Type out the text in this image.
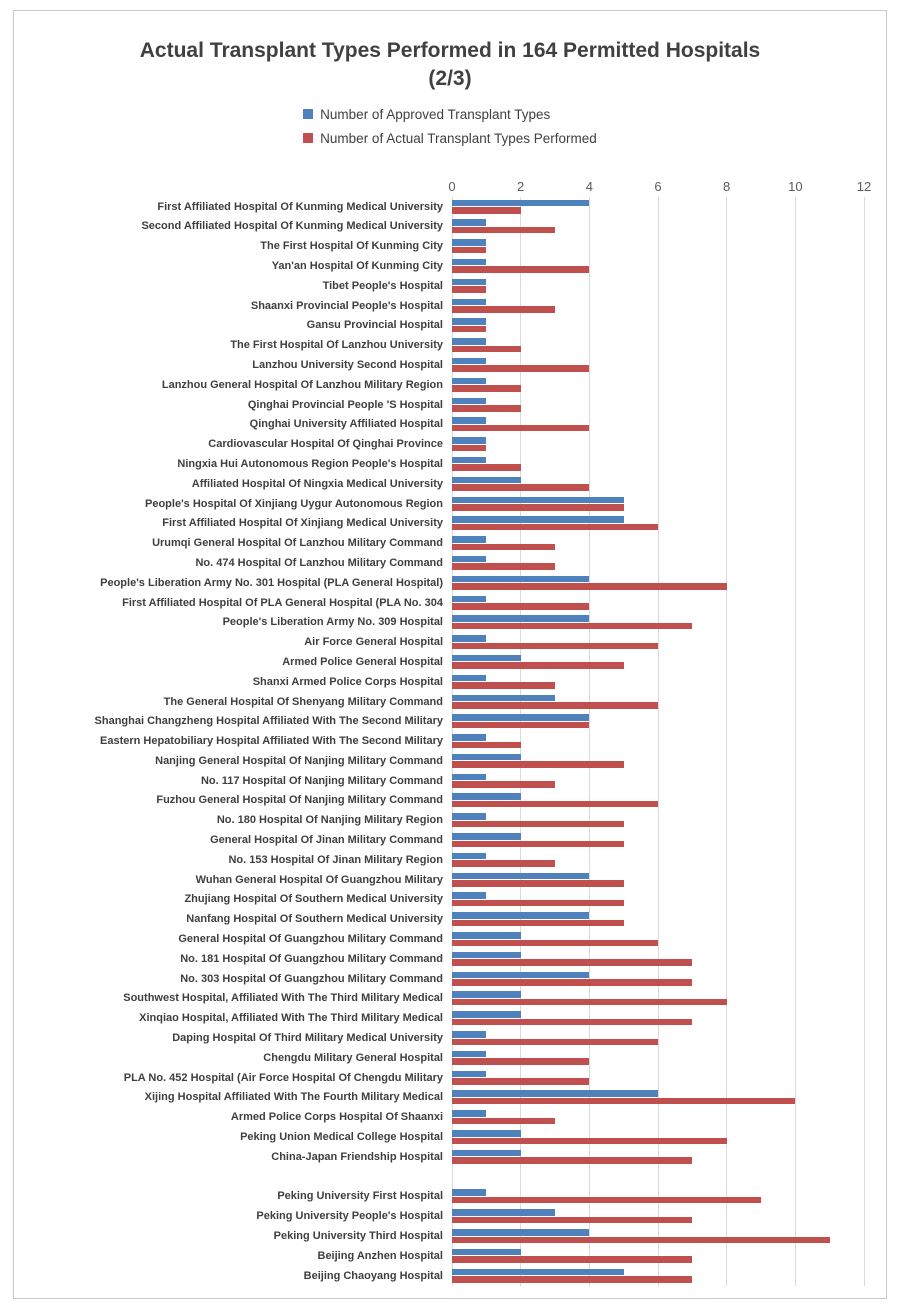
Actual Transplant Types Performed in 164 Permitted Hospitals
(2/3)
Number of Approved Transplant Types
Number of Actual Transplant Types Performed
0	2	4	6	8	10	12
First Affiliated Hospital Of Kunming Medical University
Second Affiliated Hospital Of Kunming Medical University
The First Hospital Of Kunming City
Yan'an Hospital Of Kunming City
Tibet People's Hospital
Shaanxi Provincial People's Hospital
Gansu Provincial Hospital
The First Hospital Of Lanzhou University
Lanzhou University Second Hospital
Lanzhou General Hospital Of Lanzhou Military Region
Qinghai Provincial People 'S Hospital
Qinghai University Affiliated Hospital
Cardiovascular Hospital Of Qinghai Province
Ningxia Hui Autonomous Region People's Hospital
Affiliated Hospital Of Ningxia Medical University
People's Hospital Of Xinjiang Uygur Autonomous Region
First Affiliated Hospital Of Xinjiang Medical University
Urumqi General Hospital Of Lanzhou Military Command
No. 474 Hospital Of Lanzhou Military Command
People's Liberation Army No. 301 Hospital (PLA General Hospital)
First Affiliated Hospital Of PLA General Hospital (PLA No. 304
People's Liberation Army No. 309 Hospital
Air Force General Hospital
Armed Police General Hospital
Shanxi Armed Police Corps Hospital
The General Hospital Of Shenyang Military Command
Shanghai Changzheng Hospital Affiliated With The Second Military
Eastern Hepatobiliary Hospital Affiliated With The Second Military
Nanjing General Hospital Of Nanjing Military Command
No. 117 Hospital Of Nanjing Military Command
Fuzhou General Hospital Of Nanjing Military Command
No. 180 Hospital Of Nanjing Military Region
General Hospital Of Jinan Military Command
No. 153 Hospital Of Jinan Military Region
Wuhan General Hospital Of Guangzhou Military
Zhujiang Hospital Of Southern Medical University
Nanfang Hospital Of Southern Medical University
General Hospital Of Guangzhou Military Command
No. 181 Hospital Of Guangzhou Military Command
No. 303 Hospital Of Guangzhou Military Command
Southwest Hospital, Affiliated With The Third Military Medical
Xinqiao Hospital, Affiliated With The Third Military Medical
Daping Hospital Of Third Military Medical University
Chengdu Military General Hospital
PLA No. 452 Hospital (Air Force Hospital Of Chengdu Military
Xijing Hospital Affiliated With The Fourth Military Medical
Armed Police Corps Hospital Of Shaanxi
Peking Union Medical College Hospital
China-Japan Friendship Hospital
Peking University First Hospital
Peking University People's Hospital
Peking University Third Hospital
Beijing Anzhen Hospital
Beijing Chaoyang Hospital
